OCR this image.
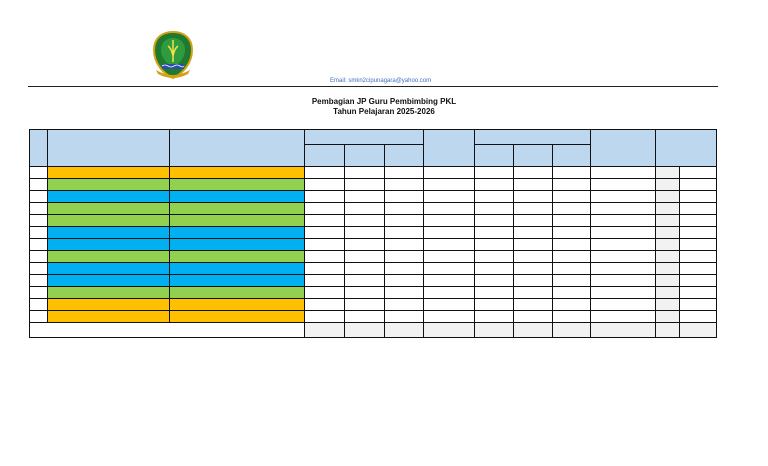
Email: smkn2cipunagara@yahoo.com
Pembagian JP Guru Pembimbing PKL
Tahun Pelajaran 2025-2026
